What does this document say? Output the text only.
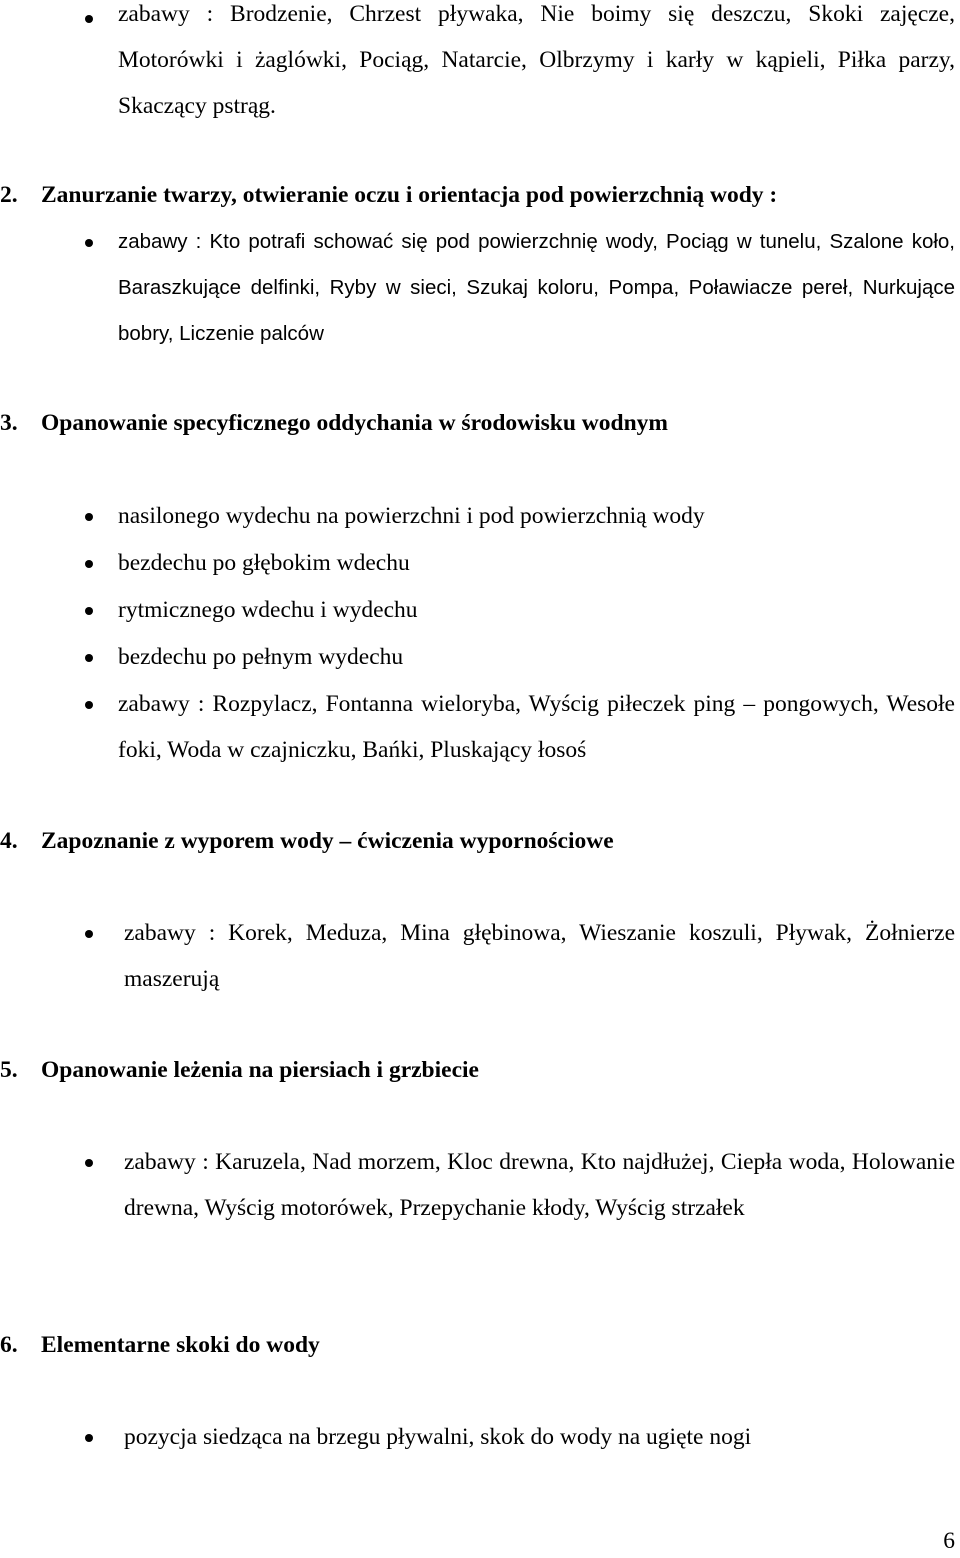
zabawy : Brodzenie, Chrzest pływaka, Nie boimy się deszczu, Skoki zajęcze, Motorówki i żaglówki, Pociąg, Natarcie, Olbrzymy i karły w kąpieli, Piłka parzy, Skaczący pstrąg.
2. Zanurzanie twarzy, otwieranie oczu i orientacja pod powierzchnią wody :
zabawy : Kto potrafi schować się pod powierzchnię wody, Pociąg w tunelu, Szalone koło, Baraszkujące delfinki, Ryby w sieci, Szukaj koloru, Pompa, Poławiacze pereł, Nurkujące bobry, Liczenie palców
3. Opanowanie specyficznego oddychania w środowisku wodnym
nasilonego wydechu na powierzchni i pod powierzchnią wody
bezdechu po głębokim wdechu
rytmicznego wdechu i wydechu
bezdechu po pełnym wydechu
zabawy : Rozpylacz, Fontanna wieloryba, Wyścig piłeczek ping – pongowych, Wesołe foki, Woda w czajniczku, Bańki, Pluskający łosoś
4. Zapoznanie z wyporem wody – ćwiczenia wypornościowe
zabawy : Korek, Meduza, Mina głębinowa, Wieszanie koszuli, Pływak, Żołnierze maszerują
5. Opanowanie leżenia na piersiach i grzbiecie
zabawy : Karuzela, Nad morzem, Kloc drewna, Kto najdłużej, Ciepła woda, Holowanie drewna, Wyścig motorówek, Przepychanie kłody, Wyścig strzałek
6. Elementarne skoki do wody
pozycja siedząca na brzegu pływalni, skok do wody na ugięte nogi
6
